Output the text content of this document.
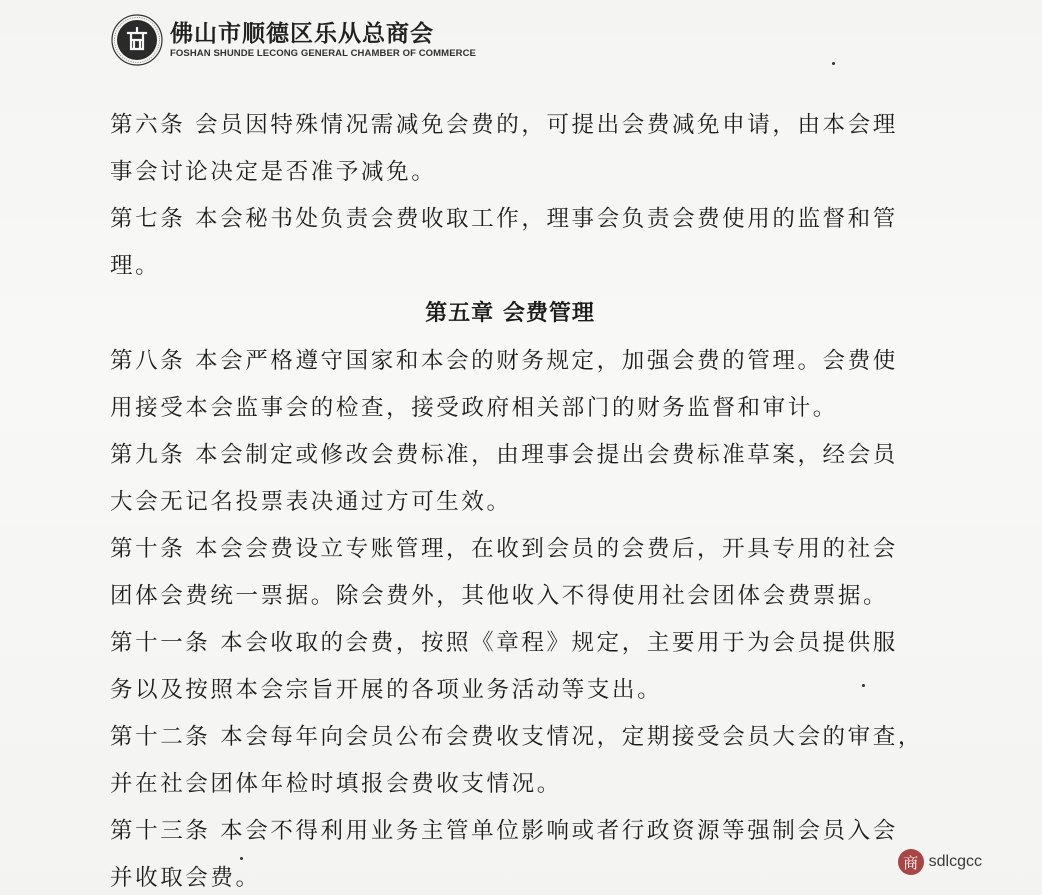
佛山市顺德区乐从总商会
FOSHAN SHUNDE LECONG GENERAL CHAMBER OF COMMERCE

第六条 会员因特殊情况需减免会费的，可提出会费减免申请，由本会理

事会讨论决定是否准予减免。

第七条 本会秘书处负责会费收取工作，理事会负责会费使用的监督和管

理。

第五章 会费管理

第八条 本会严格遵守国家和本会的财务规定，加强会费的管理。会费使

用接受本会监事会的检查，接受政府相关部门的财务监督和审计。

第九条 本会制定或修改会费标准，由理事会提出会费标准草案，经会员

大会无记名投票表决通过方可生效。

第十条 本会会费设立专账管理，在收到会员的会费后，开具专用的社会

团体会费统一票据。除会费外，其他收入不得使用社会团体会费票据。

第十一条 本会收取的会费，按照《章程》规定，主要用于为会员提供服

务以及按照本会宗旨开展的各项业务活动等支出。

第十二条 本会每年向会员公布会费收支情况，定期接受会员大会的审查，

并在社会团体年检时填报会费收支情况。

第十三条 本会不得利用业务主管单位影响或者行政资源等强制会员入会

并收取会费。

商 sdlcgcc
